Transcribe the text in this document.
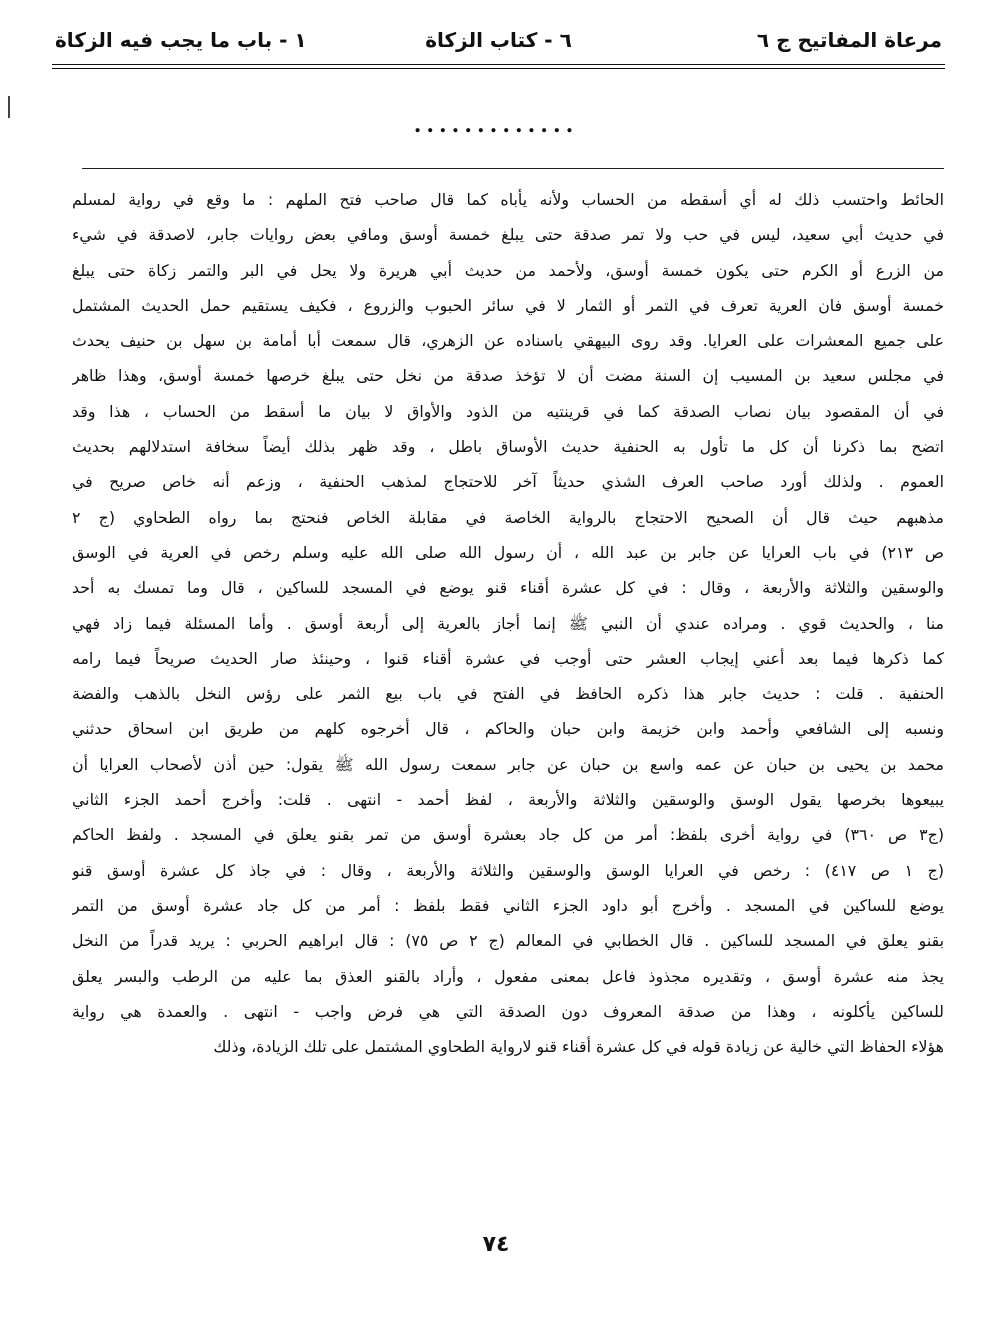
مرعاة المفاتيح ج ٦
٦ - كتاب الزكاة
١ - باب ما يجب فيه الزكاة
.............
الحائط واحتسب ذلك له أي أسقطه من الحساب ولأنه يأباه كما قال صاحب فتح الملهم : ما وقع في رواية لمسلم
في حديث أبي سعيد، ليس في حب ولا تمر صدقة حتى يبلغ خمسة أوسق ومافي بعض روايات جابر، لاصدقة في شيء
من الزرع أو الكرم حتى يكون خمسة أوسق، ولأحمد من حديث أبي هريرة ولا يحل في البر والتمر زكاة حتى يبلغ
خمسة أوسق فان العرية تعرف في التمر أو الثمار لا في سائر الحبوب والزروع ، فكيف يستقيم حمل الحديث المشتمل
على جميع المعشرات على العرايا. وقد روى البيهقي باسناده عن الزهري، قال سمعت أبا أمامة بن سهل بن حنيف يحدث
في مجلس سعيد بن المسيب إن السنة مضت أن لا تؤخذ صدقة من نخل حتى يبلغ خرصها خمسة أوسق، وهذا ظاهر
في أن المقصود بيان نصاب الصدقة كما في قرينتيه من الذود والأواق لا بيان ما أسقط من الحساب ، هذا وقد
اتضح بما ذكرنا أن كل ما تأول به الحنفية حديث الأوساق باطل ، وقد ظهر بذلك أيضاً سخافة استدلالهم بحديث
العموم . ولذلك أورد صاحب العرف الشذي حديثاً آخر للاحتجاج لمذهب الحنفية ، وزعم أنه خاص صريح في
مذهبهم حيث قال أن الصحيح الاحتجاج بالرواية الخاصة في مقابلة الخاص فنحتج بما رواه الطحاوي (ج ٢
ص ٢١٣) في باب العرايا عن جابر بن عبد الله ، أن رسول الله صلى الله عليه وسلم رخص في العرية في الوسق
والوسقين والثلاثة والأربعة ، وقال : في كل عشرة أقناء قنو يوضع في المسجد للساكين ، قال وما تمسك به أحد
منا ، والحديث قوي . ومراده عندي أن النبي ﷺ إنما أجاز بالعرية إلى أربعة أوسق . وأما المسئلة فيما زاد فهي
كما ذكرها فيما بعد أعني إيجاب العشر حتى أوجب في عشرة أقناء قنوا ، وحينئذ صار الحديث صريحاً فيما رامه
الحنفية . قلت : حديث جابر هذا ذكره الحافظ في الفتح في باب بيع الثمر على رؤس النخل بالذهب والفضة
ونسبه إلى الشافعي وأحمد وابن خزيمة وابن حبان والحاكم ، قال أخرجوه كلهم من طريق ابن اسحاق حدثني
محمد بن يحيى بن حبان عن عمه واسع بن حبان عن جابر سمعت رسول الله ﷺ يقول: حين أذن لأصحاب العرايا أن
يبيعوها بخرصها يقول الوسق والوسقين والثلاثة والأربعة ، لفظ أحمد - انتهى . قلت: وأخرج أحمد الجزء الثاني
(ج٣ ص ٣٦٠) في رواية أخرى بلفظ: أمر من كل جاد بعشرة أوسق من تمر بقنو يعلق في المسجد . ولفظ الحاكم
(ج ١ ص ٤١٧) : رخص في العرايا الوسق والوسقين والثلاثة والأربعة ، وقال : في جاذ كل عشرة أوسق قنو
يوضع للساكين في المسجد . وأخرج أبو داود الجزء الثاني فقط بلفظ : أمر من كل جاد عشرة أوسق من التمر
بقنو يعلق في المسجد للساكين . قال الخطابي في المعالم (ج ٢ ص ٧٥) : قال ابراهيم الحربي : يريد قدراً من النخل
يجذ منه عشرة أوسق ، وتقديره مجذوذ فاعل بمعنى مفعول ، وأراد بالقنو العذق بما عليه من الرطب والبسر يعلق
للساكين يأكلونه ، وهذا من صدقة المعروف دون الصدقة التي هي فرض واجب - انتهى . والعمدة هي رواية
هؤلاء الحفاظ التي خالية عن زيادة قوله في كل عشرة أقناء قنو لارواية الطحاوي المشتمل على تلك الزيادة، وذلك
٧٤
